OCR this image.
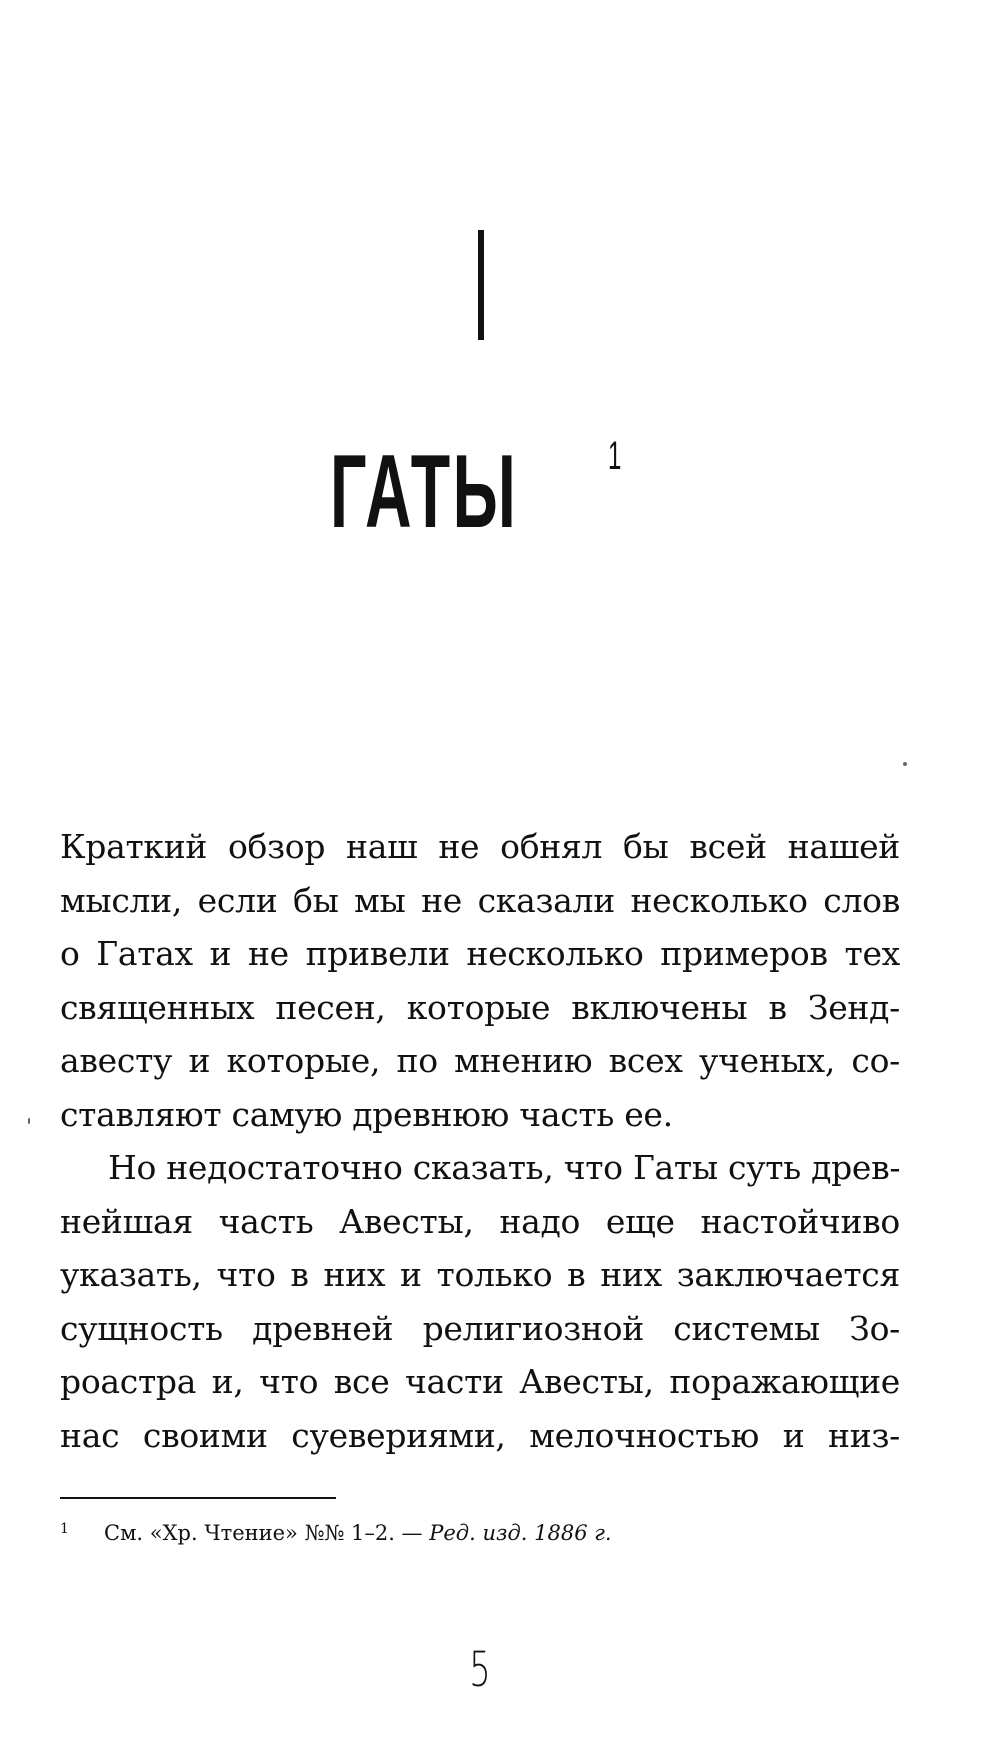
ГАТЫ 1
Краткий обзор наш не обнял бы всей нашей
мысли, если бы мы не сказали несколько слов
о Гатах и не привели несколько примеров тех
священных песен, которые включены в Зенд-
авесту и которые, по мнению всех ученых, со-
ставляют самую древнюю часть ее.
Но недостаточно сказать, что Гаты суть древ-
нейшая часть Авесты, надо еще настойчиво
указать, что в них и только в них заключается
сущность древней религиозной системы Зо-
роастра и, что все части Авесты, поражающие
нас своими суевериями, мелочностью и низ-
1 См. «Хр. Чтение» №№ 1–2. — Ред. изд. 1886 г.
5
